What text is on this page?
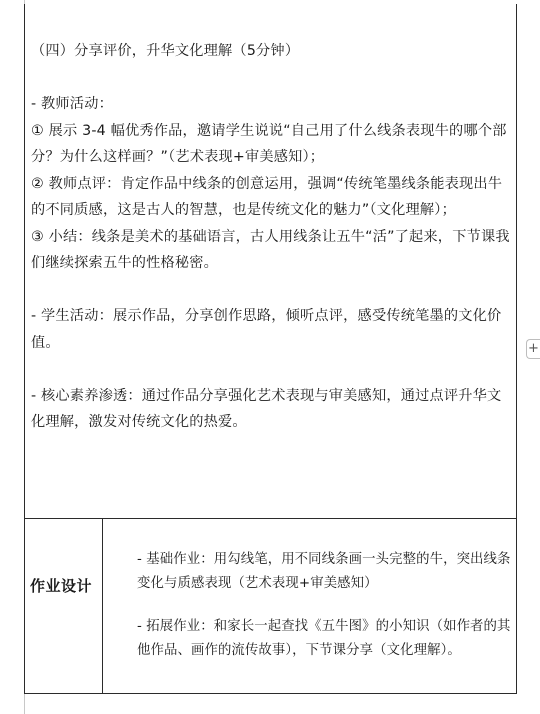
（四）分享评价，升华文化理解（5分钟）

- 教师活动：

① 展示 3-4 幅优秀作品，邀请学生说说“自己用了什么线条表现牛的哪个部分？为什么这样画？”（艺术表现+审美感知）；

② 教师点评：肯定作品中线条的创意运用，强调“传统笔墨线条能表现出牛的不同质感，这是古人的智慧，也是传统文化的魅力”（文化理解）；

③ 小结：线条是美术的基础语言，古人用线条让五牛“活”了起来，下节课我们继续探索五牛的性格秘密。

- 学生活动：展示作品，分享创作思路，倾听点评，感受传统笔墨的文化价值。

- 核心素养渗透：通过作品分享强化艺术表现与审美感知，通过点评升华文化理解，激发对传统文化的热爱。

作业设计

- 基础作业：用勾线笔，用不同线条画一头完整的牛，突出线条变化与质感表现（艺术表现+审美感知）

- 拓展作业：和家长一起查找《五牛图》的小知识（如作者的其他作品、画作的流传故事），下节课分享（文化理解）。

+
